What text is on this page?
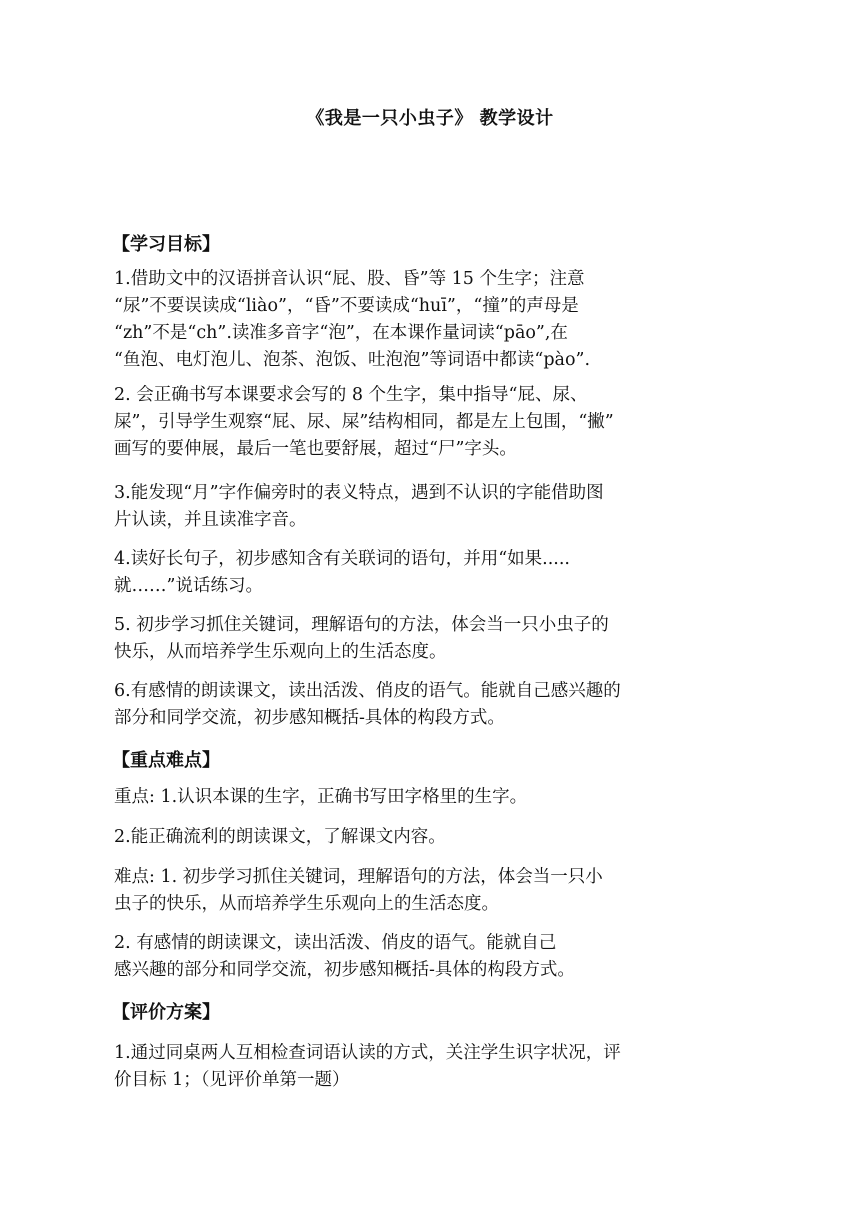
《我是一只小虫子》 教学设计
【学习目标】
1.借助文中的汉语拼音认识“屁、股、昏”等 15 个生字；注意
“尿”不要误读成“liào”，“昏”不要读成“huī”，“撞”的声母是
“zh”不是“ch”.读准多音字“泡”，在本课作量词读“pāo”,在
“鱼泡、电灯泡儿、泡茶、泡饭、吐泡泡”等词语中都读“pào”.
2. 会正确书写本课要求会写的 8 个生字，集中指导“屁、尿、
屎”，引导学生观察“屁、尿、屎”结构相同，都是左上包围，“撇”
画写的要伸展，最后一笔也要舒展，超过“尸”字头。
3.能发现“月”字作偏旁时的表义特点，遇到不认识的字能借助图
片认读，并且读准字音。
4.读好长句子，初步感知含有关联词的语句，并用“如果.....
就……”说话练习。
5. 初步学习抓住关键词，理解语句的方法，体会当一只小虫子的
快乐，从而培养学生乐观向上的生活态度。
6.有感情的朗读课文，读出活泼、俏皮的语气。能就自己感兴趣的
部分和同学交流，初步感知概括-具体的构段方式。
【重点难点】
重点: 1.认识本课的生字，正确书写田字格里的生字。
2.能正确流利的朗读课文，了解课文内容。
难点: 1. 初步学习抓住关键词，理解语句的方法，体会当一只小
虫子的快乐，从而培养学生乐观向上的生活态度。
2. 有感情的朗读课文，读出活泼、俏皮的语气。能就自己
感兴趣的部分和同学交流，初步感知概括-具体的构段方式。
【评价方案】
1.通过同桌两人互相检查词语认读的方式，关注学生识字状况，评
价目标 1；（见评价单第一题）
